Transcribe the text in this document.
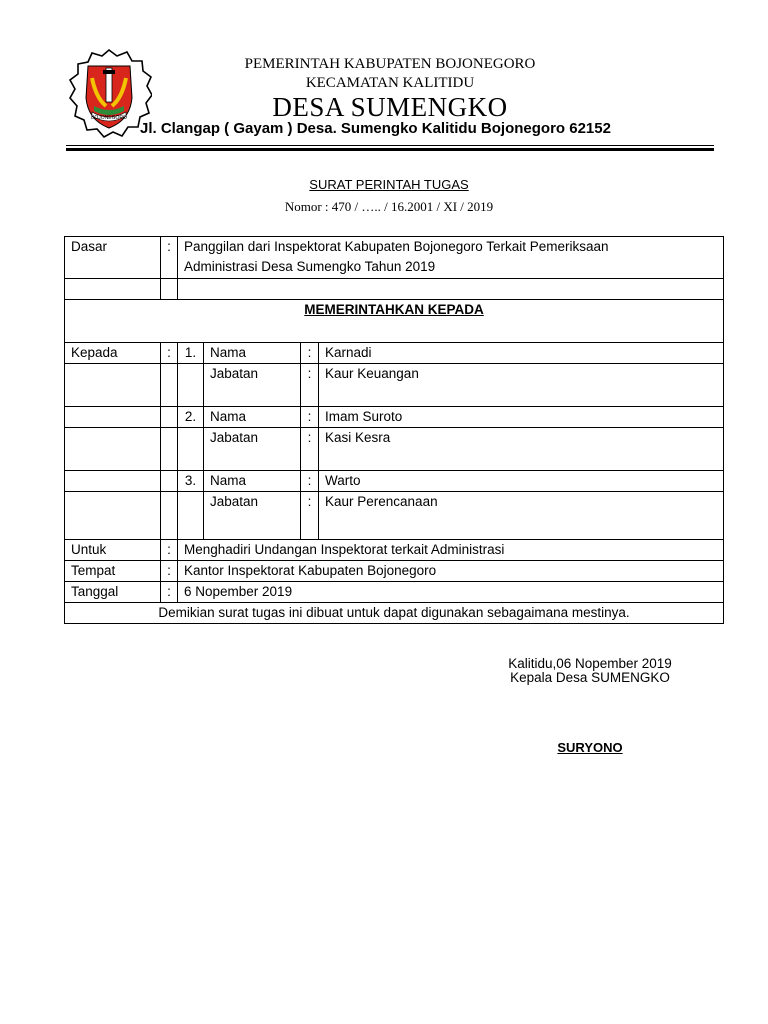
BOJONEGORO
PEMERINTAH KABUPATEN BOJONEGORO
KECAMATAN KALITIDU
DESA SUMENGKO
Jl. Clangap ( Gayam ) Desa. Sumengko Kalitidu Bojonegoro 62152
SURAT PERINTAH TUGAS
Nomor : 470 / ….. / 16.2001 / XI / 2019
Dasar	:	Panggilan dari Inspektorat Kabupaten Bojonegoro Terkait Pemeriksaan
Administrasi Desa Sumengko Tahun 2019			

MEMERINTAHKAN KEPADA					
Kepada	:	1.	Nama	:	Karnadi
			Jabatan	:	Kaur Keuangan
		2.	Nama	:	Imam Suroto
			Jabatan	:	Kasi Kesra
		3.	Nama	:	Warto
			Jabatan	:	Kaur Perencanaan
Untuk	:	Menghadiri Undangan Inspektorat terkait Administrasi			
Tempat	:	Kantor Inspektorat Kabupaten Bojonegoro			
Tanggal	:	6 Nopember 2019			
Demikian surat tugas ini dibuat untuk dapat digunakan sebagaimana mestinya.					
Kalitidu,06 Nopember 2019
Kepala Desa SUMENGKO
SURYONO
